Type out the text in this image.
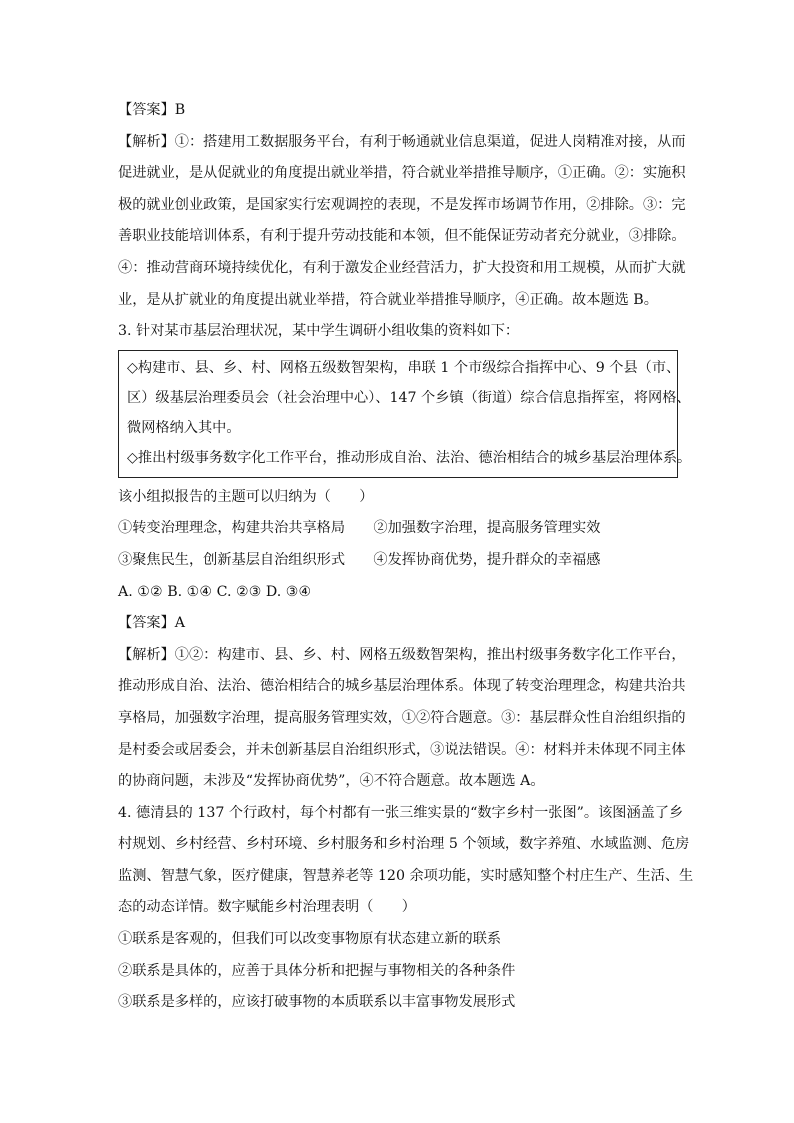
【答案】B
【解析】①：搭建用工数据服务平台，有利于畅通就业信息渠道，促进人岗精准对接，从而
促进就业，是从促就业的角度提出就业举措，符合就业举措推导顺序，①正确。②：实施积
极的就业创业政策，是国家实行宏观调控的表现，不是发挥市场调节作用，②排除。③：完
善职业技能培训体系，有利于提升劳动技能和本领，但不能保证劳动者充分就业，③排除。
④：推动营商环境持续优化，有利于激发企业经营活力，扩大投资和用工规模，从而扩大就
业，是从扩就业的角度提出就业举措，符合就业举措推导顺序，④正确。故本题选 B。
3. 针对某市基层治理状况，某中学生调研小组收集的资料如下：
◇构建市、县、乡、村、网格五级数智架构，串联 1 个市级综合指挥中心、9 个县（市、
区）级基层治理委员会（社会治理中心）、147 个乡镇（街道）综合信息指挥室，将网格、
微网格纳入其中。
◇推出村级事务数字化工作平台，推动形成自治、法治、德治相结合的城乡基层治理体系。
该小组拟报告的主题可以归纳为（　　）
①转变治理理念，构建共治共享格局　　②加强数字治理，提高服务管理实效
③聚焦民生，创新基层自治组织形式　　④发挥协商优势，提升群众的幸福感
A. ①② B. ①④ C. ②③ D. ③④
【答案】A
【解析】①②：构建市、县、乡、村、网格五级数智架构，推出村级事务数字化工作平台，
推动形成自治、法治、德治相结合的城乡基层治理体系。体现了转变治理理念，构建共治共
享格局，加强数字治理，提高服务管理实效，①②符合题意。③：基层群众性自治组织指的
是村委会或居委会，并未创新基层自治组织形式，③说法错误。④：材料并未体现不同主体
的协商问题，未涉及“发挥协商优势”，④不符合题意。故本题选 A。
4. 德清县的 137 个行政村，每个村都有一张三维实景的“数字乡村一张图”。该图涵盖了乡
村规划、乡村经营、乡村环境、乡村服务和乡村治理 5 个领域，数字养殖、水域监测、危房
监测、智慧气象，医疗健康，智慧养老等 120 余项功能，实时感知整个村庄生产、生活、生
态的动态详情。数字赋能乡村治理表明（　　）
①联系是客观的，但我们可以改变事物原有状态建立新的联系
②联系是具体的，应善于具体分析和把握与事物相关的各种条件
③联系是多样的，应该打破事物的本质联系以丰富事物发展形式
